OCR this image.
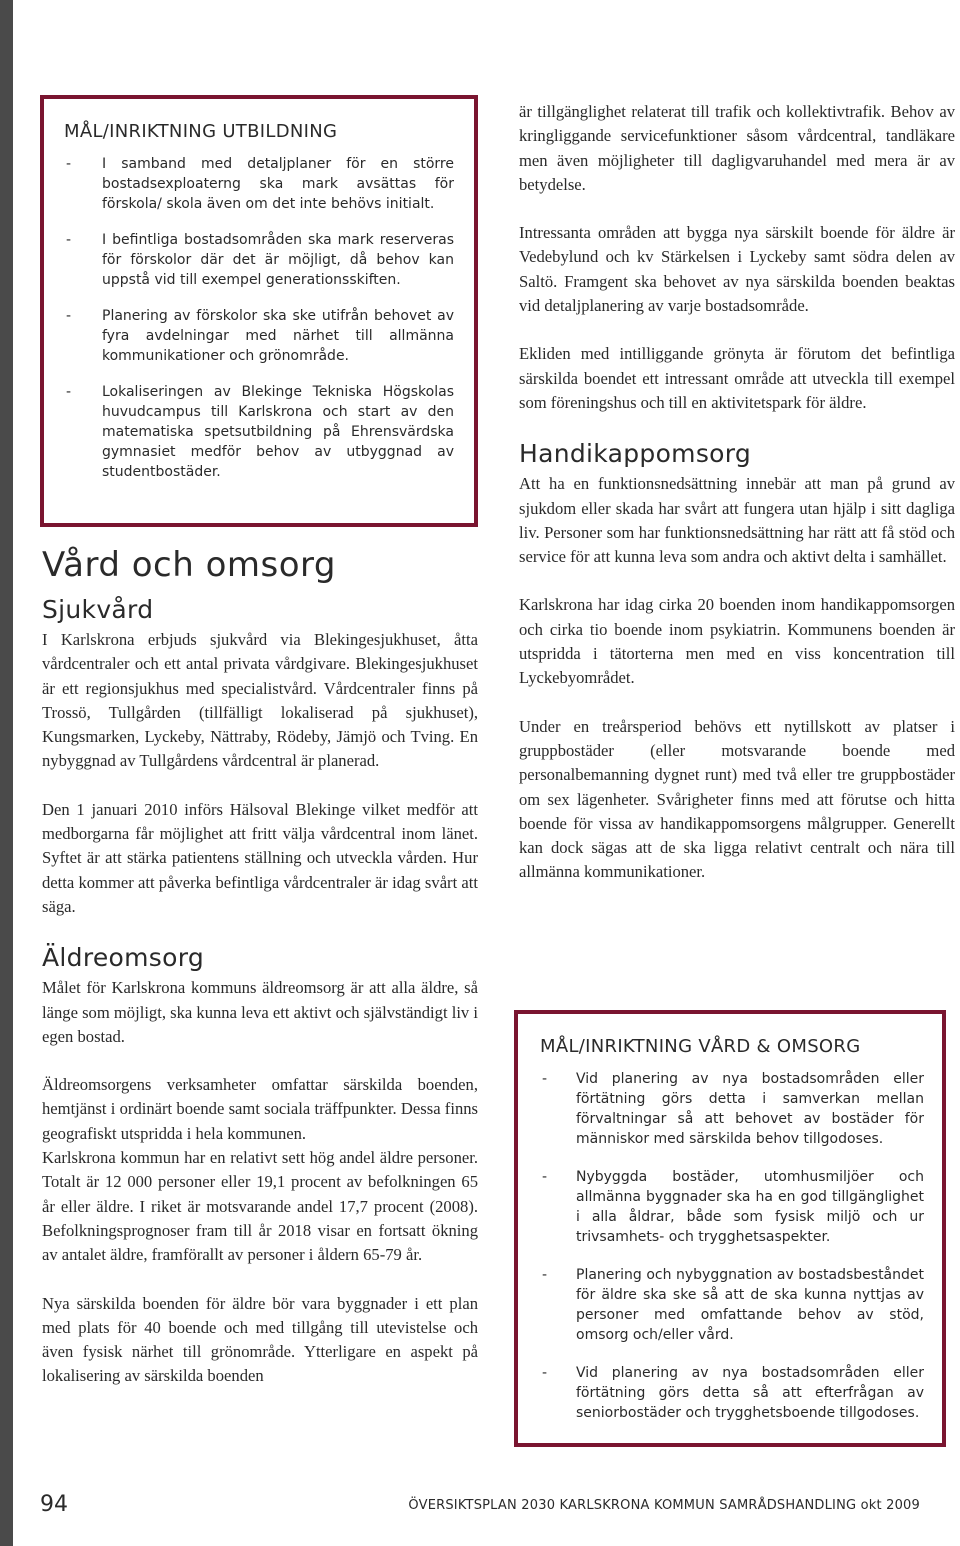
MÅL/INRIKTNING UTBILDNING
- I samband med detaljplaner för en större bostadsexploaterng ska mark avsättas för förskola/ skola även om det inte behövs initialt.
- I befintliga bostadsområden ska mark reserveras för förskolor där det är möjligt, då behov kan uppstå vid till exempel generationsskiften.
- Planering av förskolor ska ske utifrån behovet av fyra avdelningar med närhet till allmänna kommunikationer och grönområde.
- Lokaliseringen av Blekinge Tekniska Högskolas huvudcampus till Karlskrona och start av den matematiska spetsutbildning på Ehrensvärdska gymnasiet medför behov av utbyggnad av studentbostäder.
Vård och omsorg
Sjukvård

I Karlskrona erbjuds sjukvård via Blekingesjukhuset, åtta vårdcentraler och ett antal privata vårdgivare. Blekingesjukhuset är ett regionsjukhus med specialistvård. Vårdcentraler finns på Trossö, Tullgården (tillfälligt lokaliserad på sjukhuset), Kungsmarken, Lyckeby, Nättraby, Rödeby, Jämjö och Tving. En nybyggnad av Tullgårdens vårdcentral är planerad.

Den 1 januari 2010 införs Hälsoval Blekinge vilket medför att medborgarna får möjlighet att fritt välja vårdcentral inom länet. Syftet är att stärka patientens ställning och utveckla vården. Hur detta kommer att påverka befintliga vårdcentraler är idag svårt att säga.

Äldreomsorg

Målet för Karlskrona kommuns äldreomsorg är att alla äldre, så länge som möjligt, ska kunna leva ett aktivt och självständigt liv i egen bostad.

Äldreomsorgens verksamheter omfattar särskilda boenden, hemtjänst i ordinärt boende samt sociala träffpunkter. Dessa finns geografiskt utspridda i hela kommunen.

Karlskrona kommun har en relativt sett hög andel äldre personer. Totalt är 12 000 personer eller 19,1 procent av befolkningen 65 år eller äldre. I riket är motsvarande andel 17,7 procent (2008). Befolkningsprognoser fram till år 2018 visar en fortsatt ökning av antalet äldre, framförallt av personer i åldern 65-79 år.

Nya särskilda boenden för äldre bör vara byggnader i ett plan med plats för 40 boende och med tillgång till utevistelse och även fysisk närhet till grönområde. Ytterligare en aspekt på lokalisering av särskilda boenden

är tillgänglighet relaterat till trafik och kollektivtrafik. Behov av kringliggande servicefunktioner såsom vårdcentral, tandläkare men även möjligheter till dagligvaruhandel med mera är av betydelse.

Intressanta områden att bygga nya särskilt boende för äldre är Vedebylund och kv Stärkelsen i Lyckeby samt södra delen av Saltö. Framgent ska behovet av nya särskilda boenden beaktas vid detaljplanering av varje bostadsområde.

Ekliden med intilliggande grönyta är förutom det befintliga särskilda boendet ett intressant område att utveckla till exempel som föreningshus och till en aktivitetspark för äldre.

Handikappomsorg

Att ha en funktionsnedsättning innebär att man på grund av sjukdom eller skada har svårt att fungera utan hjälp i sitt dagliga liv. Personer som har funktionsnedsättning har rätt att få stöd och service för att kunna leva som andra och aktivt delta i samhället.

Karlskrona har idag cirka 20 boenden inom handikappomsorgen och cirka tio boende inom psykiatrin. Kommunens boenden är utspridda i tätorterna men med en viss koncentration till Lyckebyområdet.

Under en treårsperiod behövs ett nytillskott av platser i gruppbostäder (eller motsvarande boende med personalbemanning dygnet runt) med två eller tre gruppbostäder om sex lägenheter. Svårigheter finns med att förutse och hitta boende för vissa av handikappomsorgens målgrupper. Generellt kan dock sägas att de ska ligga relativt centralt och nära till allmänna kommunikationer.

MÅL/INRIKTNING VÅRD & OMSORG
- Vid planering av nya bostadsområden eller förtätning görs detta i samverkan mellan förvaltningar så att behovet av bostäder för människor med särskilda behov tillgodoses.
- Nybyggda bostäder, utomhusmiljöer och allmänna byggnader ska ha en god tillgänglighet i alla åldrar, både som fysisk miljö och ur trivsamhets- och trygghetsaspekter.
- Planering och nybyggnation av bostadsbeståndet för äldre ska ske så att de ska kunna nyttjas av personer med omfattande behov av stöd, omsorg och/eller vård.
- Vid planering av nya bostadsområden eller förtätning görs detta så att efterfrågan av seniorbostäder och trygghetsboende tillgodoses.
94	ÖVERSIKTSPLAN 2030 KARLSKRONA KOMMUN SAMRÅDSHANDLING okt 2009
